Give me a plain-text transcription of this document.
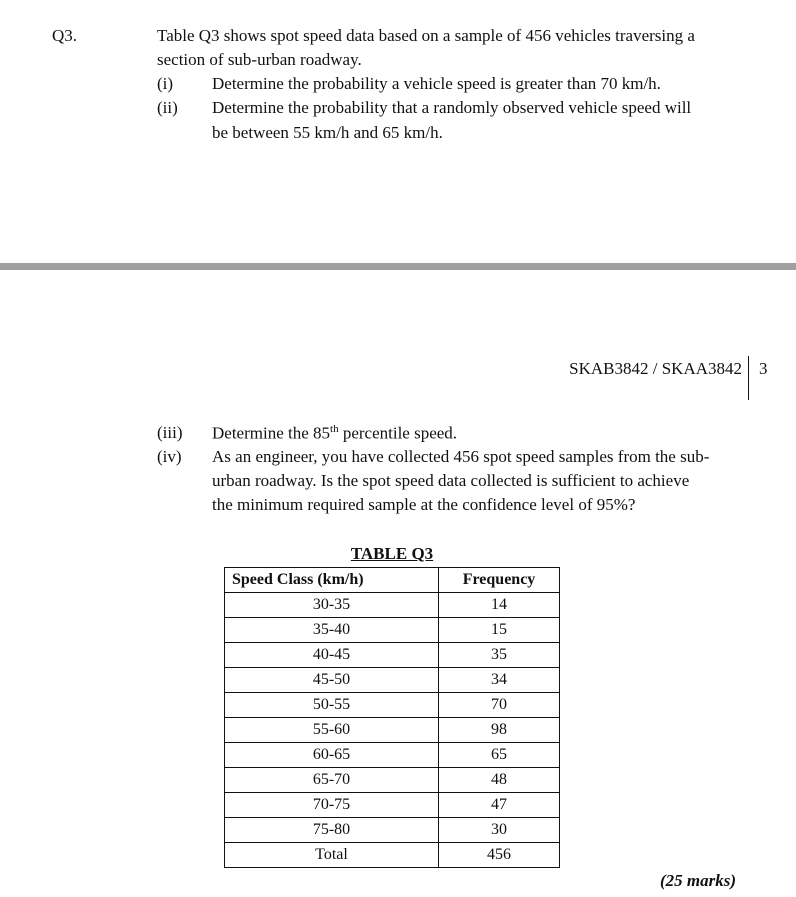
Q3.	Table Q3 shows spot speed data based on a sample of 456 vehicles traversing a
section of sub-urban roadway.
(i) Determine the probability a vehicle speed is greater than 70 km/h.
(ii) Determine the probability that a randomly observed vehicle speed will
be between 55 km/h and 65 km/h.
SKAB3842 / SKAA3842 3
(iii) Determine the 85th percentile speed.
(iv) As an engineer, you have collected 456 spot speed samples from the sub-
urban roadway. Is the spot speed data collected is sufficient to achieve
the minimum required sample at the confidence level of 95%?
TABLE Q3
Speed Class (km/h)	Frequency
30-35	14
35-40	15
40-45	35
45-50	34
50-55	70
55-60	98
60-65	65
65-70	48
70-75	47
75-80	30
Total	456
(25 marks)
